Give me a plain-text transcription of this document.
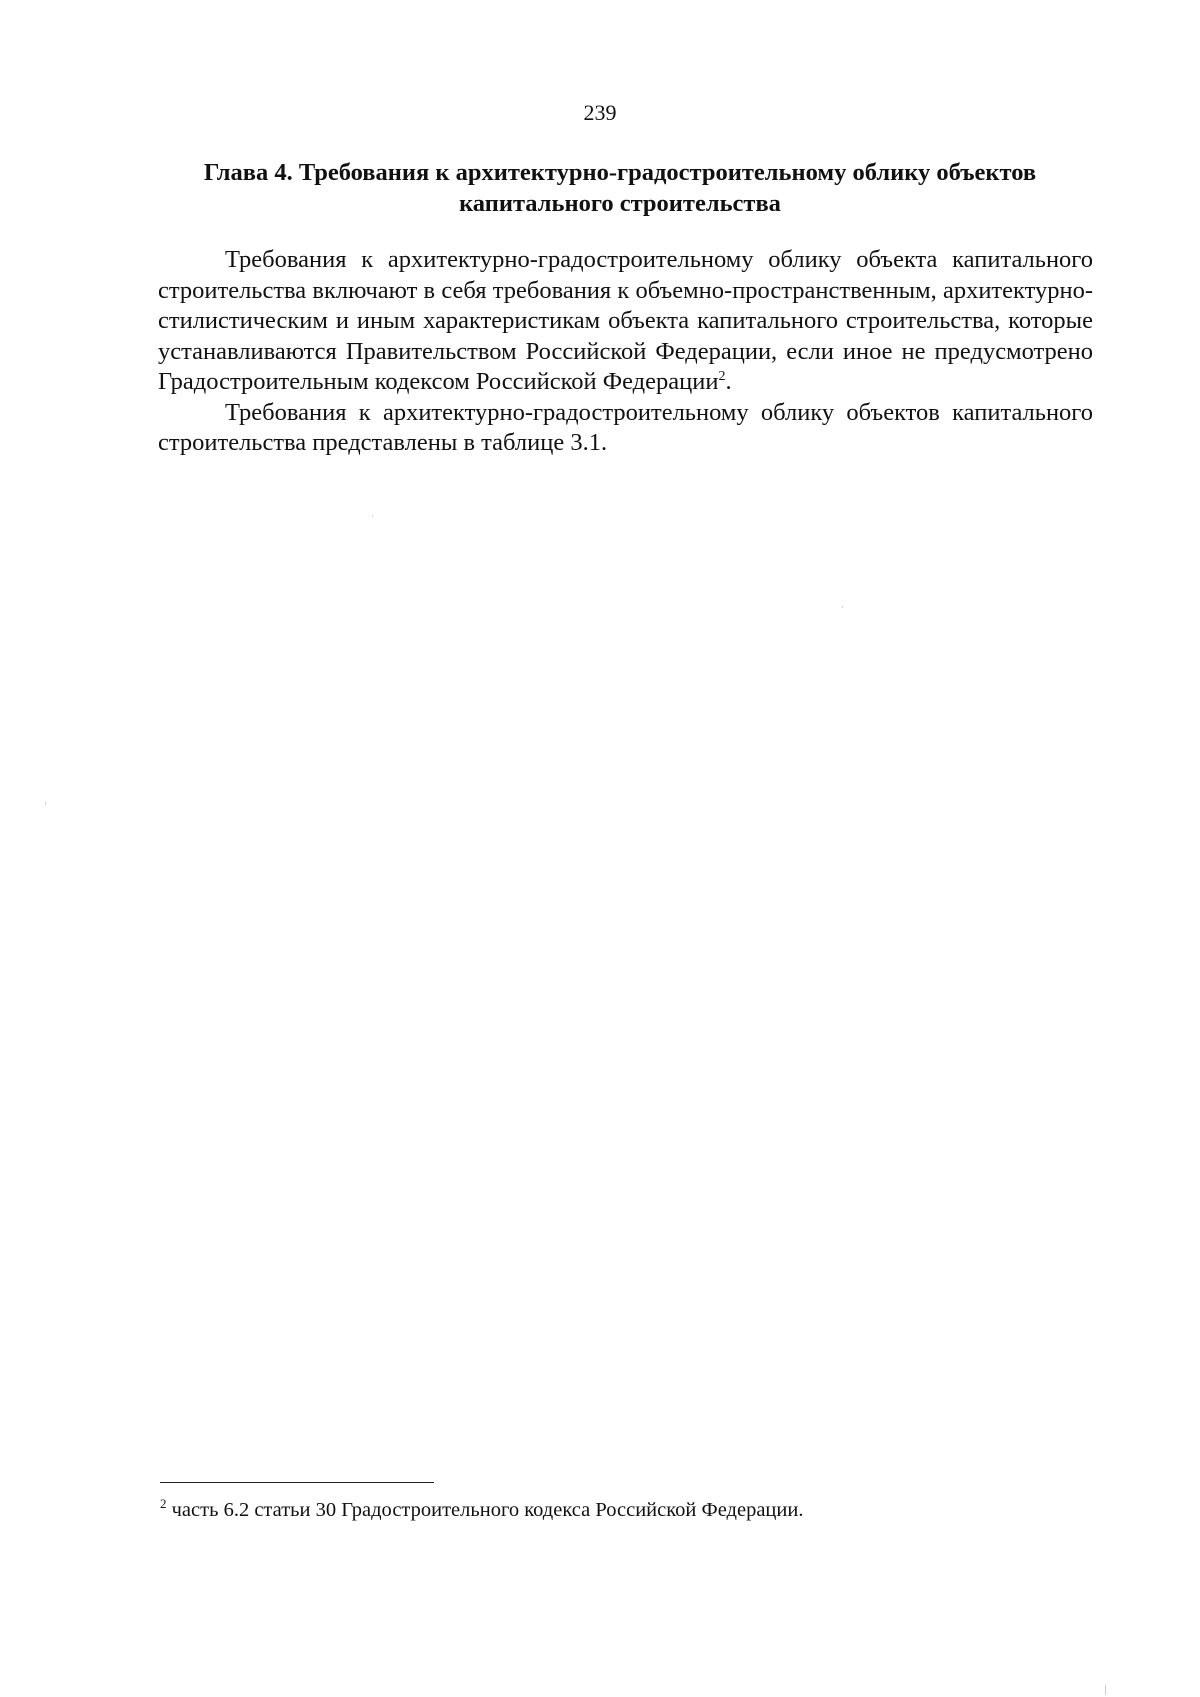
239
Глава 4. Требования к архитектурно-градостроительному облику объектов
капитального строительства

Требования к архитектурно-градостроительному облику объекта капитального строительства включают в себя требования к объемно-пространственным, архитектурно-стилистическим и иным характеристикам объекта капитального строительства, которые устанавливаются Правительством Российской Федерации, если иное не предусмотрено Градостроительным кодексом Российской Федерации$^2$.

Требования к архитектурно-градостроительному облику объектов капитального строительства представлены в таблице 3.1.

$^2$ часть 6.2 статьи 30 Градостроительного кодекса Российской Федерации.
